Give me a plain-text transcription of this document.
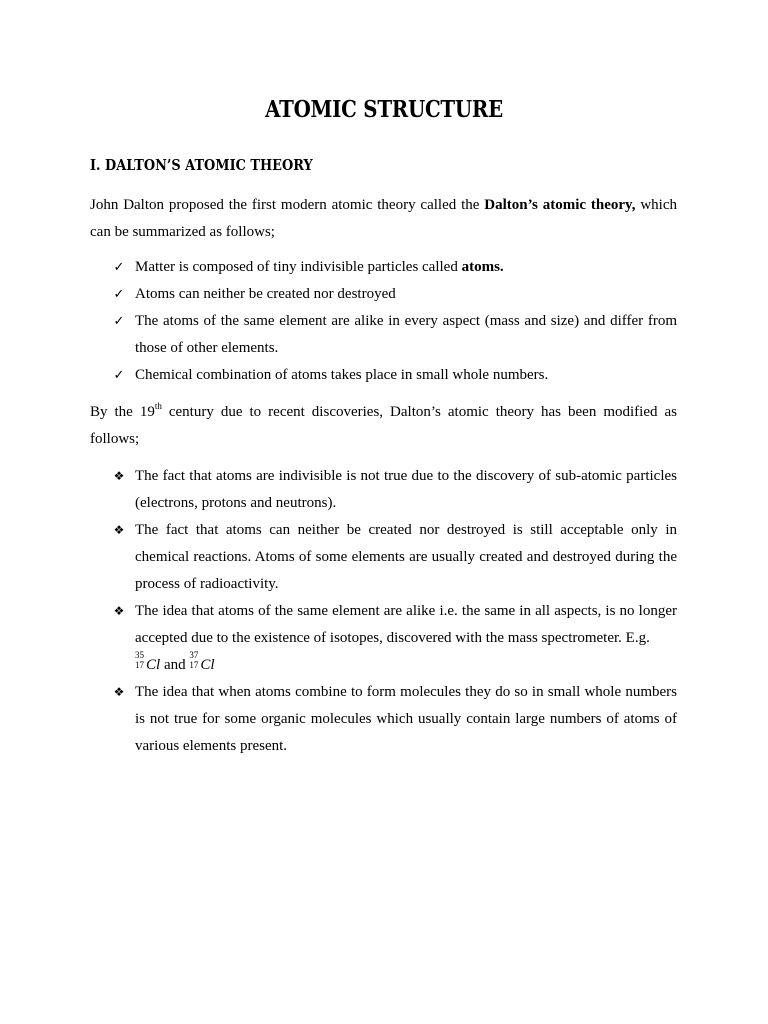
ATOMIC STRUCTURE
I. DALTON’S ATOMIC THEORY

John Dalton proposed the first modern atomic theory called the Dalton’s atomic theory, which can be summarized as follows;

✓ Matter is composed of tiny indivisible particles called atoms.
✓ Atoms can neither be created nor destroyed
✓ The atoms of the same element are alike in every aspect (mass and size) and differ from those of other elements.
✓ Chemical combination of atoms takes place in small whole numbers.

By the 19th century due to recent discoveries, Dalton’s atomic theory has been modified as follows;

❖ The fact that atoms are indivisible is not true due to the discovery of sub-atomic particles (electrons, protons and neutrons).
❖ The fact that atoms can neither be created nor destroyed is still acceptable only in chemical reactions. Atoms of some elements are usually created and destroyed during the process of radioactivity.
❖ The idea that atoms of the same element are alike i.e. the same in all aspects, is no longer accepted due to the existence of isotopes, discovered with the mass spectrometer. E.g.

35
17 Cl and
37
17 Cl
❖ The idea that when atoms combine to form molecules they do so in small whole numbers is not true for some organic molecules which usually contain large numbers of atoms of various elements present.
